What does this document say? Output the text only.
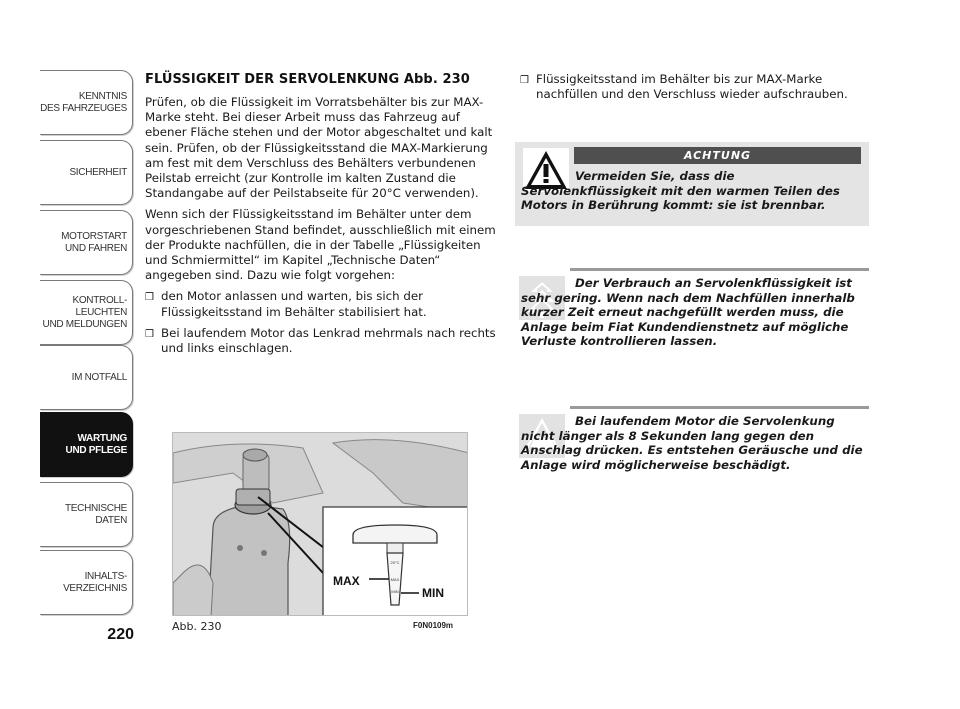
KENNTNIS
DES FAHRZEUGES
SICHERHEIT
MOTORSTART
UND FAHREN
KONTROLL-
LEUCHTEN
UND MELDUNGEN
IM NOTFALL
WARTUNG
UND PFLEGE
TECHNISCHE
DATEN
INHALTS-
VERZEICHNIS
220
FLÜSSIGKEIT DER SERVOLENKUNG Abb. 230

Prüfen, ob die Flüssigkeit im Vorratsbehälter bis zur MAX-Marke steht. Bei dieser Arbeit muss das Fahrzeug auf ebener Fläche stehen und der Motor abgeschaltet und kalt sein. Prüfen, ob der Flüssigkeitsstand die MAX-Markierung am fest mit dem Verschluss des Behälters verbundenen Peilstab erreicht (zur Kontrolle im kalten Zustand die Standangabe auf der Peilstabseite für 20°C verwenden).

Wenn sich der Flüssigkeitsstand im Behälter unter dem vorgeschriebenen Stand befindet, ausschließlich mit einem der Produkte nachfüllen, die in der Tabelle „Flüssigkeiten und Schmiermittel“ im Kapitel „Technische Daten“ angegeben sind. Dazu wie folgt vorgehen:

❒ den Motor anlassen und warten, bis sich der Flüssigkeitsstand im Behälter stabilisiert hat.
❒ Bei laufendem Motor das Lenkrad mehrmals nach rechts und links einschlagen.
20°C
MAX
MIN
MAX
MIN
Abb. 230	F0N0109m
❒ Flüssigkeitsstand im Behälter bis zur MAX-Marke nachfüllen und den Verschluss wieder aufschrauben.
ACHTUNG

Vermeiden Sie, dass die Servolenkflüssigkeit mit den warmen Teilen des Motors in Berührung kommt: sie ist brennbar.

Der Verbrauch an Servolenkflüssigkeit ist sehr gering. Wenn nach dem Nachfüllen innerhalb kurzer Zeit erneut nachgefüllt werden muss, die Anlage beim Fiat Kundendienstnetz auf mögliche Verluste kontrollieren lassen.

Bei laufendem Motor die Servolenkung nicht länger als 8 Sekunden lang gegen den Anschlag drücken. Es entstehen Geräusche und die Anlage wird möglicherweise beschädigt.
